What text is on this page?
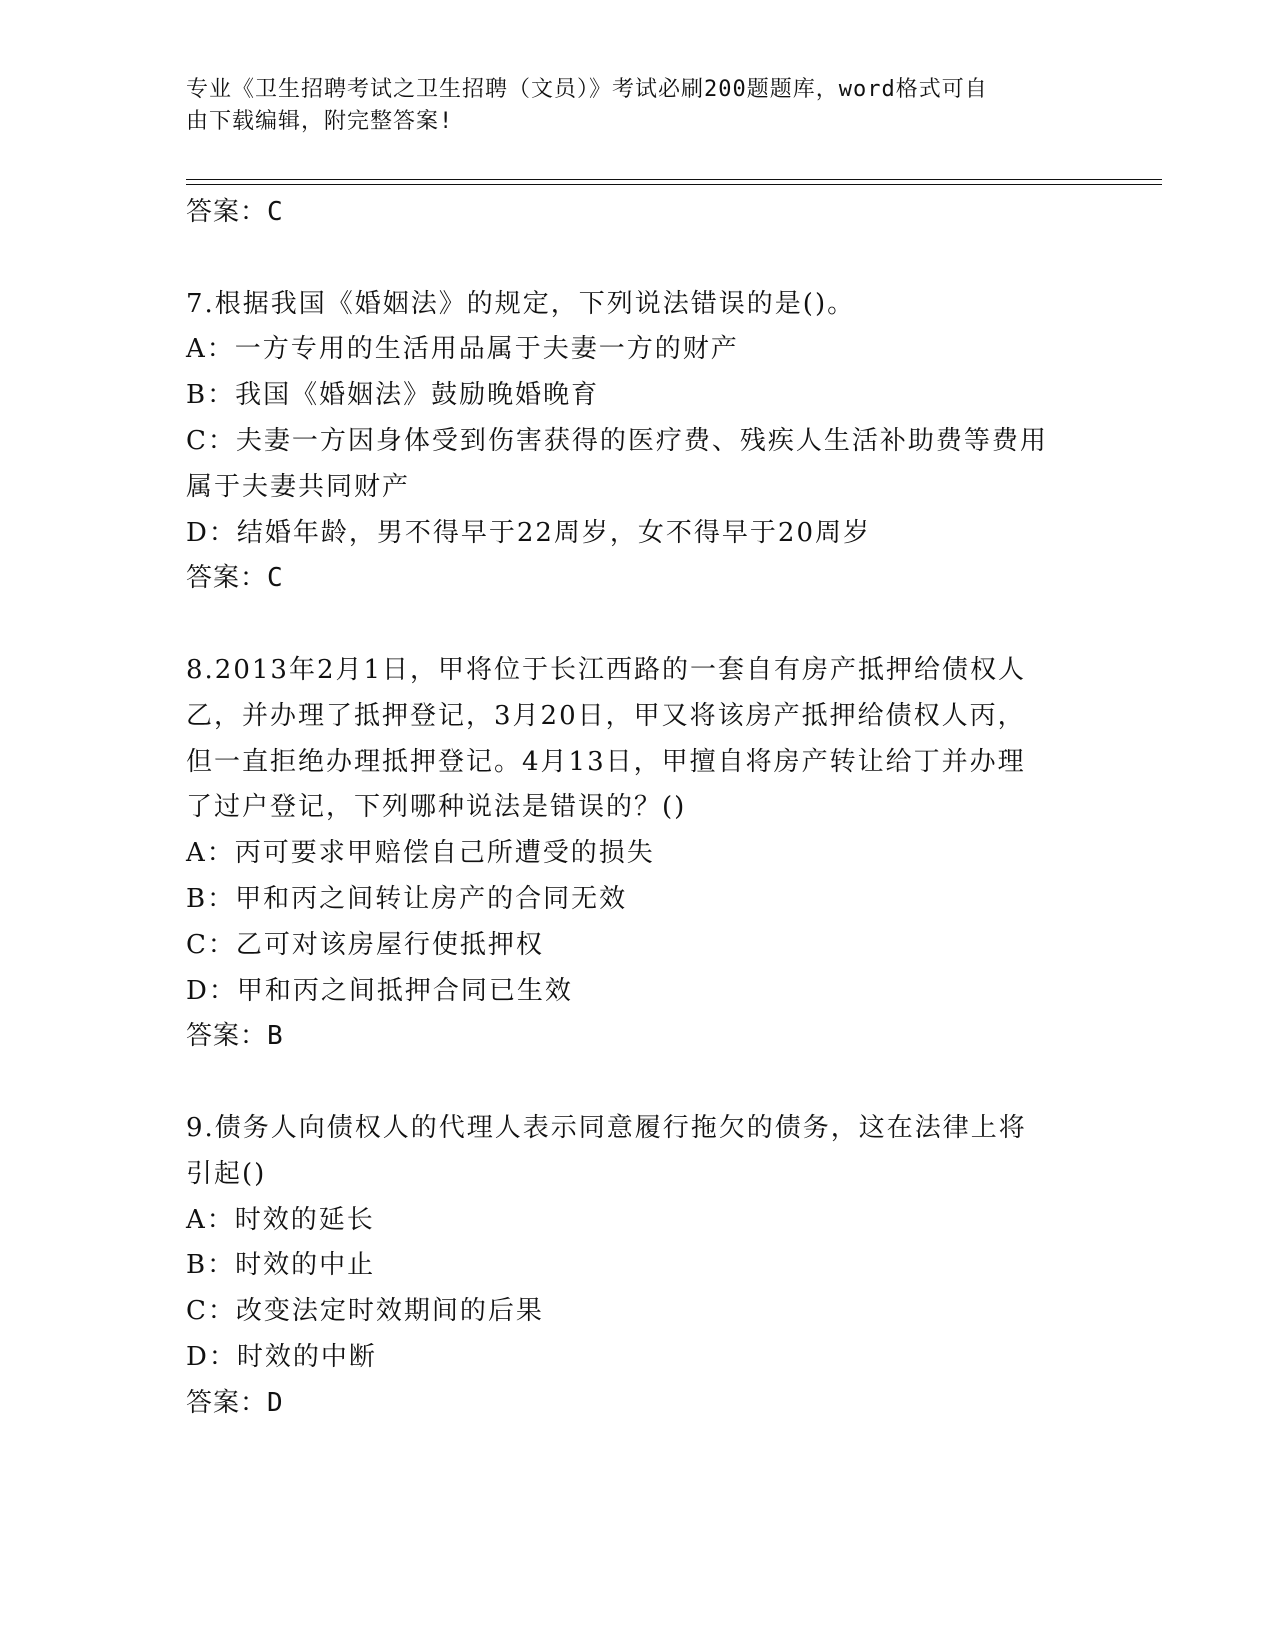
专业《卫生招聘考试之卫生招聘（文员）》考试必刷200题题库，word格式可自
由下载编辑，附完整答案!
答案：C
7.根据我国《婚姻法》的规定，下列说法错误的是()。
A：一方专用的生活用品属于夫妻一方的财产
B：我国《婚姻法》鼓励晚婚晚育
C：夫妻一方因身体受到伤害获得的医疗费、残疾人生活补助费等费用
属于夫妻共同财产
D：结婚年龄，男不得早于22周岁，女不得早于20周岁
答案：C
8.2013年2月1日，甲将位于长江西路的一套自有房产抵押给债权人
乙，并办理了抵押登记，3月20日，甲又将该房产抵押给债权人丙，
但一直拒绝办理抵押登记。4月13日，甲擅自将房产转让给丁并办理
了过户登记，下列哪种说法是错误的？()
A：丙可要求甲赔偿自己所遭受的损失
B：甲和丙之间转让房产的合同无效
C：乙可对该房屋行使抵押权
D：甲和丙之间抵押合同已生效
答案：B
9.债务人向债权人的代理人表示同意履行拖欠的债务，这在法律上将
引起()
A：时效的延长
B：时效的中止
C：改变法定时效期间的后果
D：时效的中断
答案：D
